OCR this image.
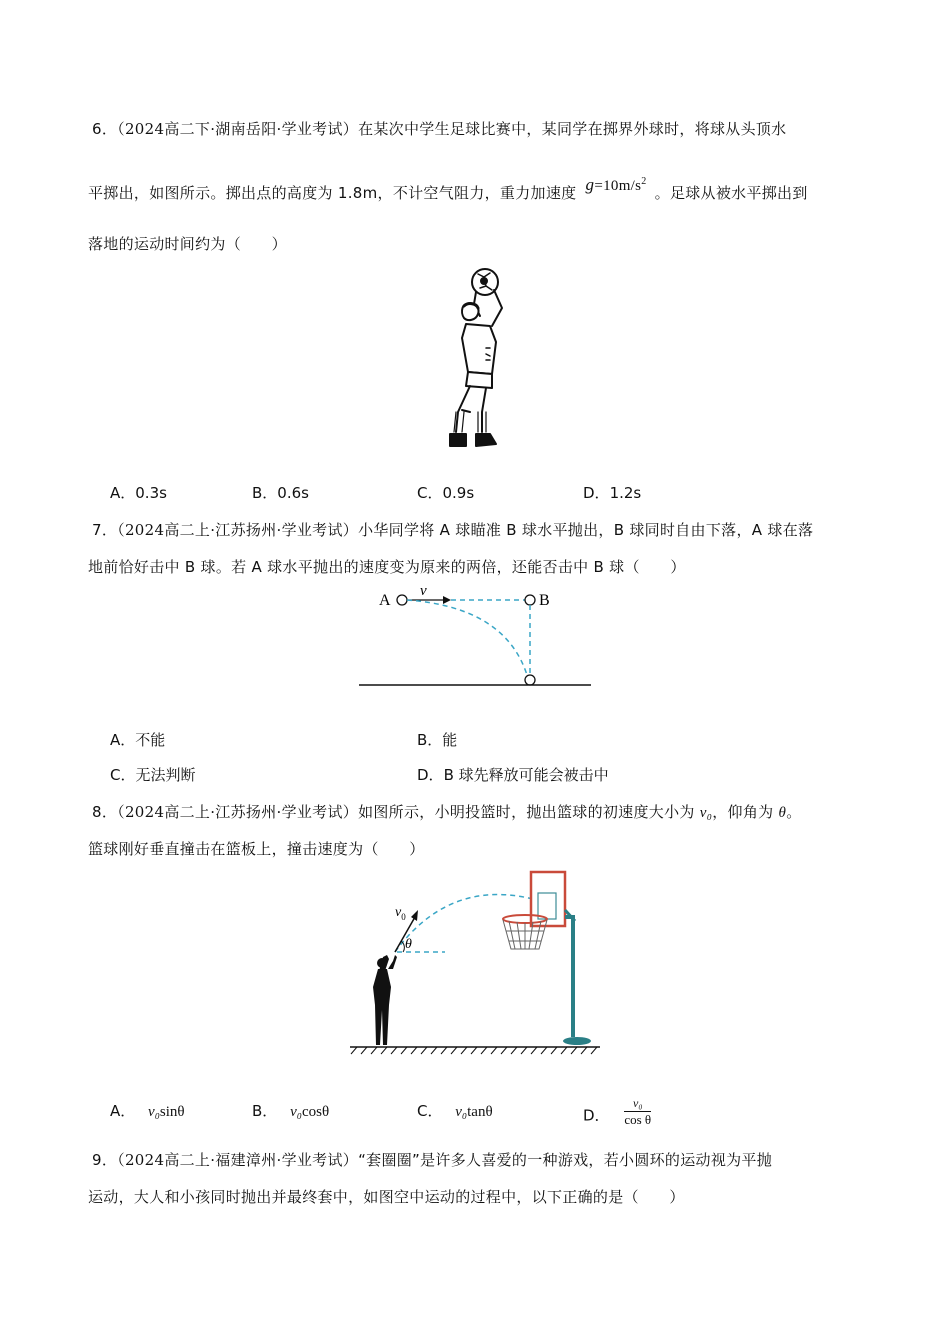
6．（2024高二下·湖南岳阳·学业考试）在某次中学生足球比赛中，某同学在掷界外球时，将球从头顶水
平掷出，如图所示。掷出点的高度为 1.8m，不计空气阻力，重力加速度 $g=10m/s^2$ 。足球从被水平掷出到
落地的运动时间约为（　　）
A．0.3s	B．0.6s	C．0.9s	D．1.2s
7．（2024高二上·江苏扬州·学业考试）小华同学将 A 球瞄准 B 球水平抛出，B 球同时自由下落，A 球在落
地前恰好击中 B 球。若 A 球水平抛出的速度变为原来的两倍，还能否击中 B 球（　　）
A
v
B
A．不能	B．能
C．无法判断	D．B 球先释放可能会被击中
8．（2024高二上·江苏扬州·学业考试）如图所示，小明投篮时，抛出篮球的初速度大小为 v₀，仰角为 θ。
篮球刚好垂直撞击在篮板上，撞击速度为（　　）
$v_0$
θ
A． v₀sinθ	B． v₀cosθ	C． v₀tanθ	D． $\frac{\text{v₀}}{\text{cos θ}}$
9．（2024高二上·福建漳州·学业考试）“套圈圈”是许多人喜爱的一种游戏，若小圆环的运动视为平抛
运动，大人和小孩同时抛出并最终套中，如图空中运动的过程中，以下正确的是（　　）
